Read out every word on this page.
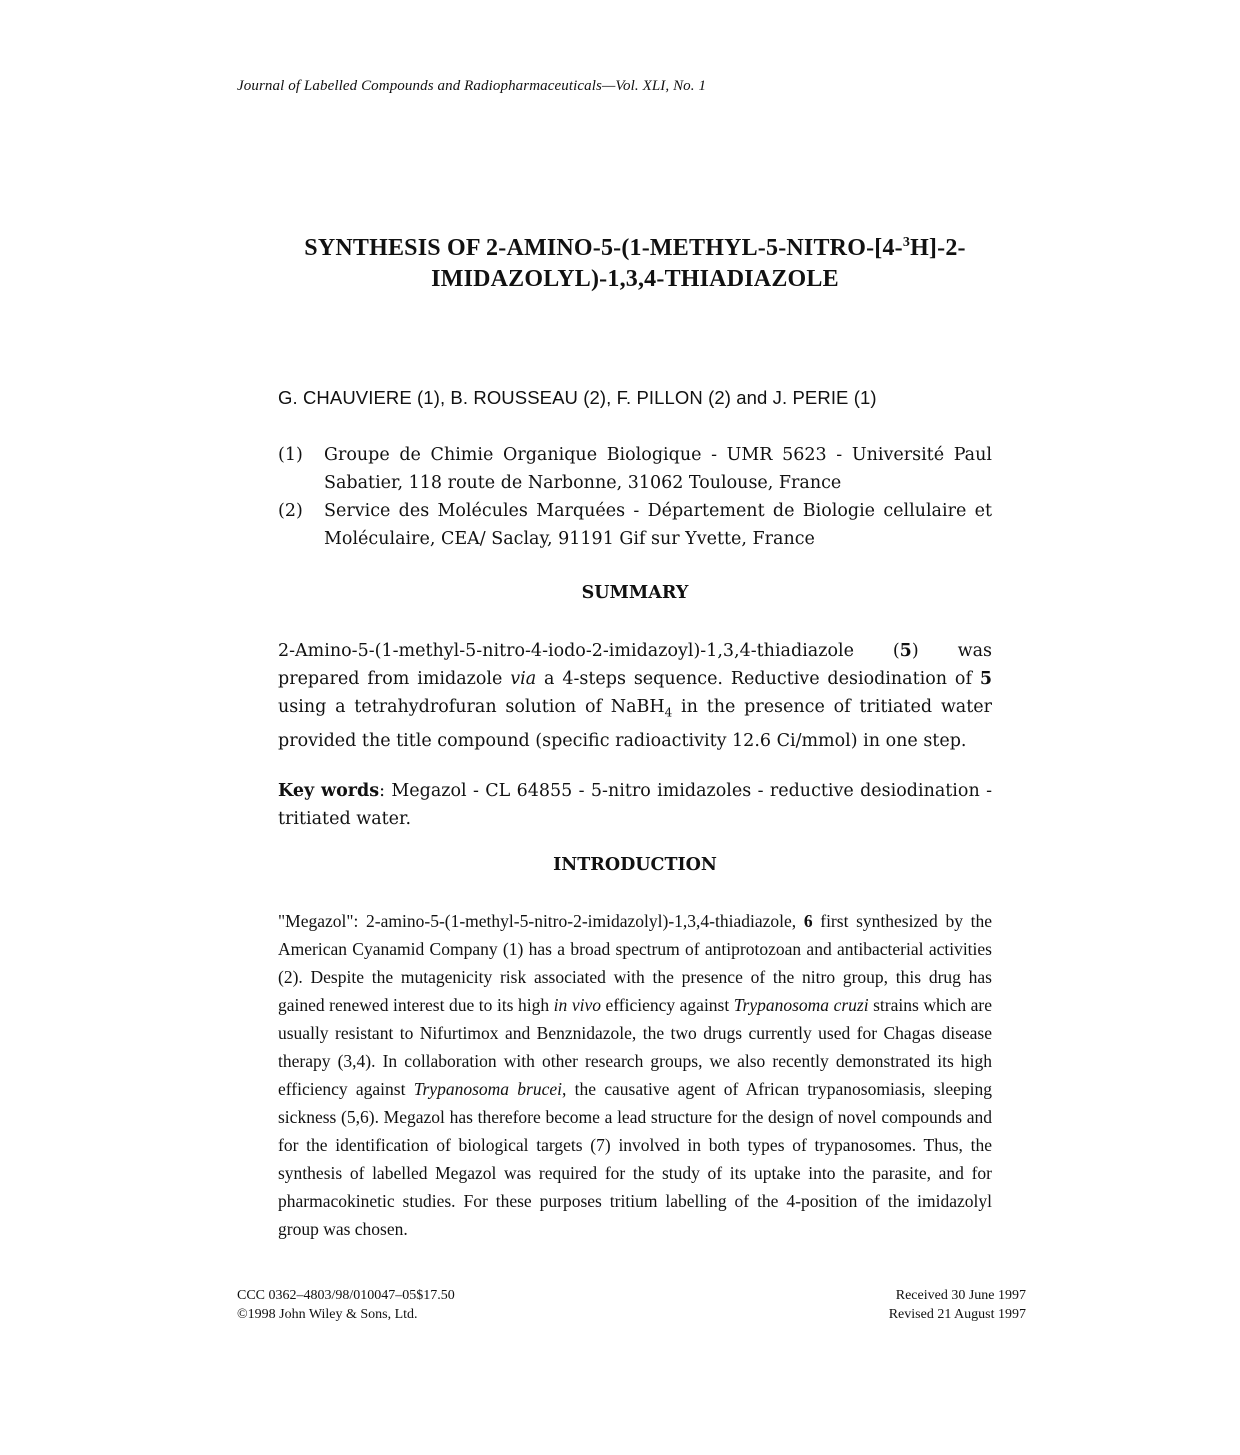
Journal of Labelled Compounds and Radiopharmaceuticals—Vol. XLI, No. 1
SYNTHESIS OF 2-AMINO-5-(1-METHYL-5-NITRO-[4-$^3$H]-2-
IMIDAZOLYL)-1,3,4-THIADIAZOLE
G. CHAUVIERE (1), B. ROUSSEAU (2), F. PILLON (2) and J. PERIE (1)
(1) Groupe de Chimie Organique Biologique - UMR 5623 - Université Paul Sabatier, 118 route de Narbonne, 31062 Toulouse, France
(2) Service des Molécules Marquées - Département de Biologie cellulaire et Moléculaire, CEA/ Saclay, 91191 Gif sur Yvette, France
SUMMARY
2-Amino-5-(1-methyl-5-nitro-4-iodo-2-imidazoyl)-1,3,4-thiadiazole (5) was prepared from imidazole via a 4-steps sequence. Reductive desiodination of 5 using a tetrahydrofuran solution of NaBH$_4$ in the presence of tritiated water provided the title compound (specific radioactivity 12.6 Ci/mmol) in one step.
Key words: Megazol - CL 64855 - 5-nitro imidazoles - reductive desiodination - tritiated water.
INTRODUCTION
"Megazol": 2-amino-5-(1-methyl-5-nitro-2-imidazolyl)-1,3,4-thiadiazole, 6 first synthesized by the American Cyanamid Company (1) has a broad spectrum of antiprotozoan and antibacterial activities (2). Despite the mutagenicity risk associated with the presence of the nitro group, this drug has gained renewed interest due to its high in vivo efficiency against Trypanosoma cruzi strains which are usually resistant to Nifurtimox and Benznidazole, the two drugs currently used for Chagas disease therapy (3,4). In collaboration with other research groups, we also recently demonstrated its high efficiency against Trypanosoma brucei, the causative agent of African trypanosomiasis, sleeping sickness (5,6). Megazol has therefore become a lead structure for the design of novel compounds and for the identification of biological targets (7) involved in both types of trypanosomes. Thus, the synthesis of labelled Megazol was required for the study of its uptake into the parasite, and for pharmacokinetic studies. For these purposes tritium labelling of the 4-position of the imidazolyl group was chosen.
CCC 0362–4803/98/010047–05$17.50
©1998 John Wiley & Sons, Ltd.
Received 30 June 1997
Revised 21 August 1997
